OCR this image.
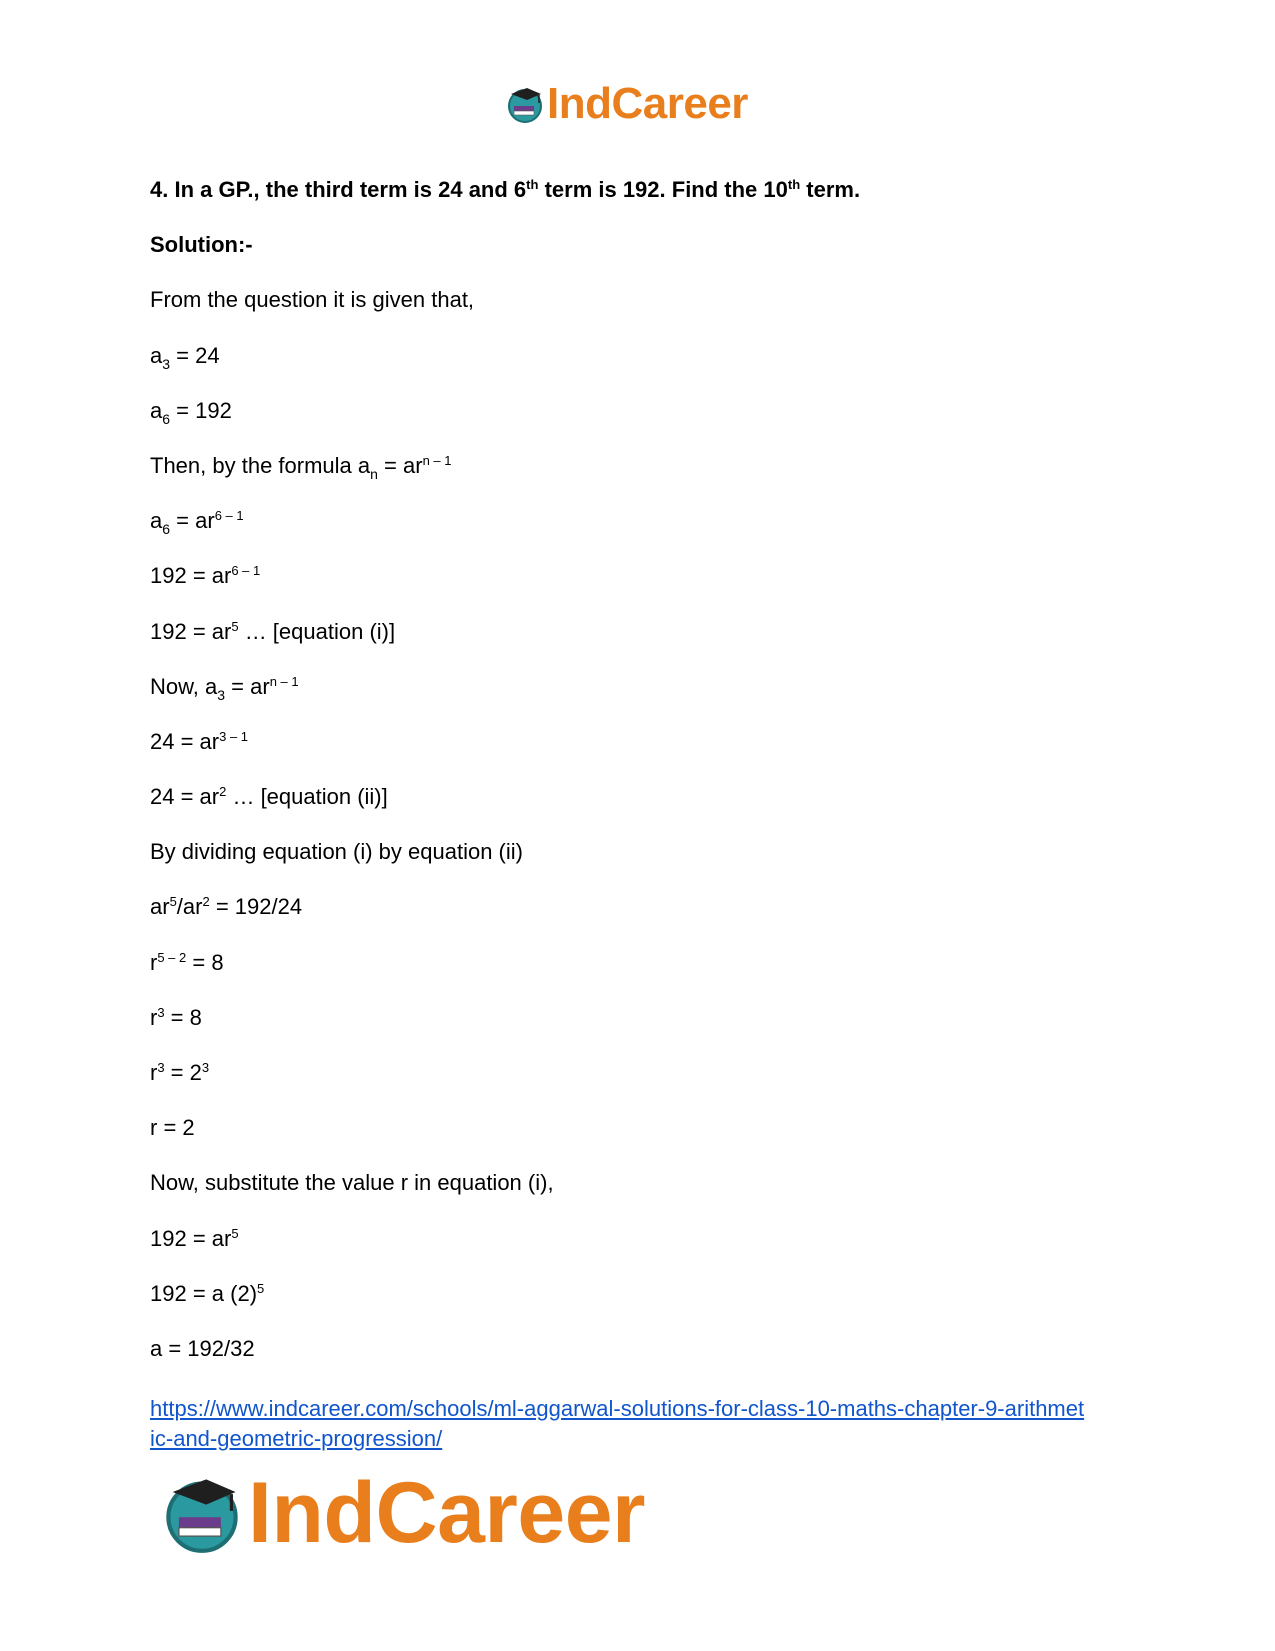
IndCareer
4. In a GP., the third term is 24 and 6th term is 192. Find the 10th term.
Solution:-
From the question it is given that,
$a_3 = 24$
$a_6 = 192$
Then, by the formula $a_n = ar^{n - 1}$
$a_6 = ar^{6 - 1}$
$192 = ar^{6 - 1}$
$192 = ar^5$ … [equation (i)]
Now, $a_3 = ar^{n - 1}$
$24 = ar^{3 - 1}$
$24 = ar^2$ … [equation (ii)]
By dividing equation (i) by equation (ii)
$ar^5/ar^2 = 192/24$
$r^{5 - 2} = 8$
$r^3 = 8$
$r^3 = 2^3$
r = 2
Now, substitute the value r in equation (i),
$192 = ar^5$
192 = a $(2)^5$
a = 192/32
https://www.indcareer.com/schools/ml-aggarwal-solutions-for-class-10-maths-chapter-9-arithmet
ic-and-geometric-progression/
IndCareer
